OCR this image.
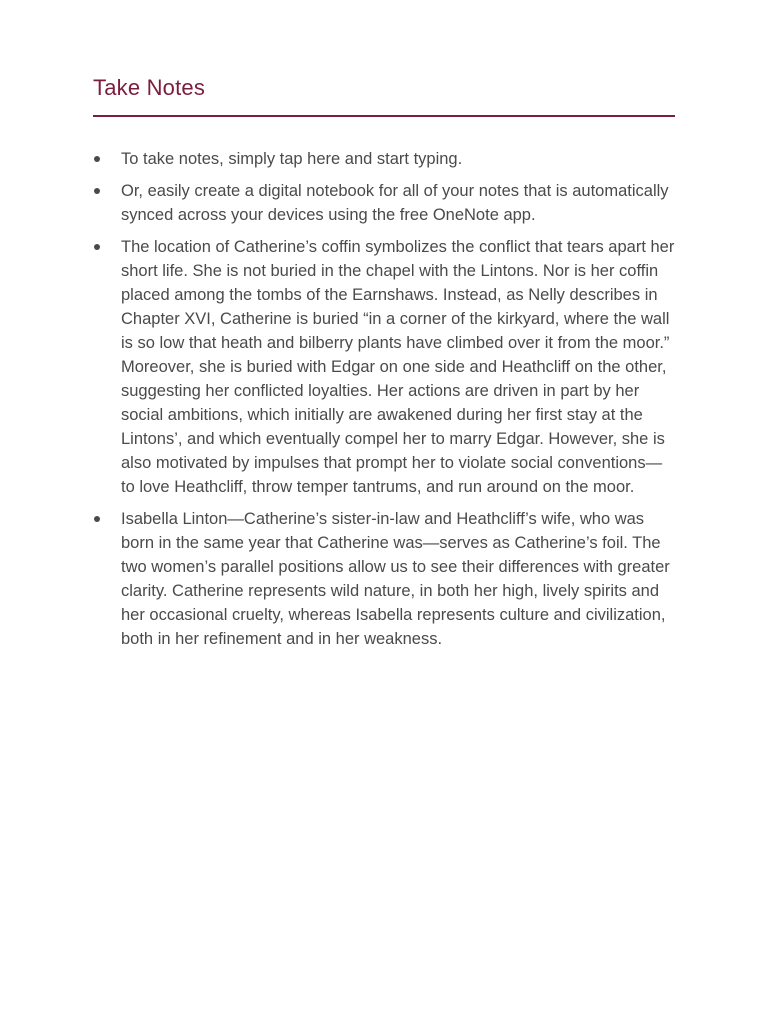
Take Notes
To take notes, simply tap here and start typing.
Or, easily create a digital notebook for all of your notes that is automatically synced across your devices using the free OneNote app.
The location of Catherine’s coffin symbolizes the conflict that tears apart her short life. She is not buried in the chapel with the Lintons. Nor is her coffin placed among the tombs of the Earnshaws. Instead, as Nelly describes in Chapter XVI, Catherine is buried “in a corner of the kirkyard, where the wall is so low that heath and bilberry plants have climbed over it from the moor.” Moreover, she is buried with Edgar on one side and Heathcliff on the other, suggesting her conflicted loyalties. Her actions are driven in part by her social ambitions, which initially are awakened during her first stay at the Lintons’, and which eventually compel her to marry Edgar. However, she is also motivated by impulses that prompt her to violate social conventions—to love Heathcliff, throw temper tantrums, and run around on the moor.
Isabella Linton—Catherine’s sister-in-law and Heathcliff’s wife, who was born in the same year that Catherine was—serves as Catherine’s foil. The two women’s parallel positions allow us to see their differences with greater clarity. Catherine represents wild nature, in both her high, lively spirits and her occasional cruelty, whereas Isabella represents culture and civilization, both in her refinement and in her weakness.
